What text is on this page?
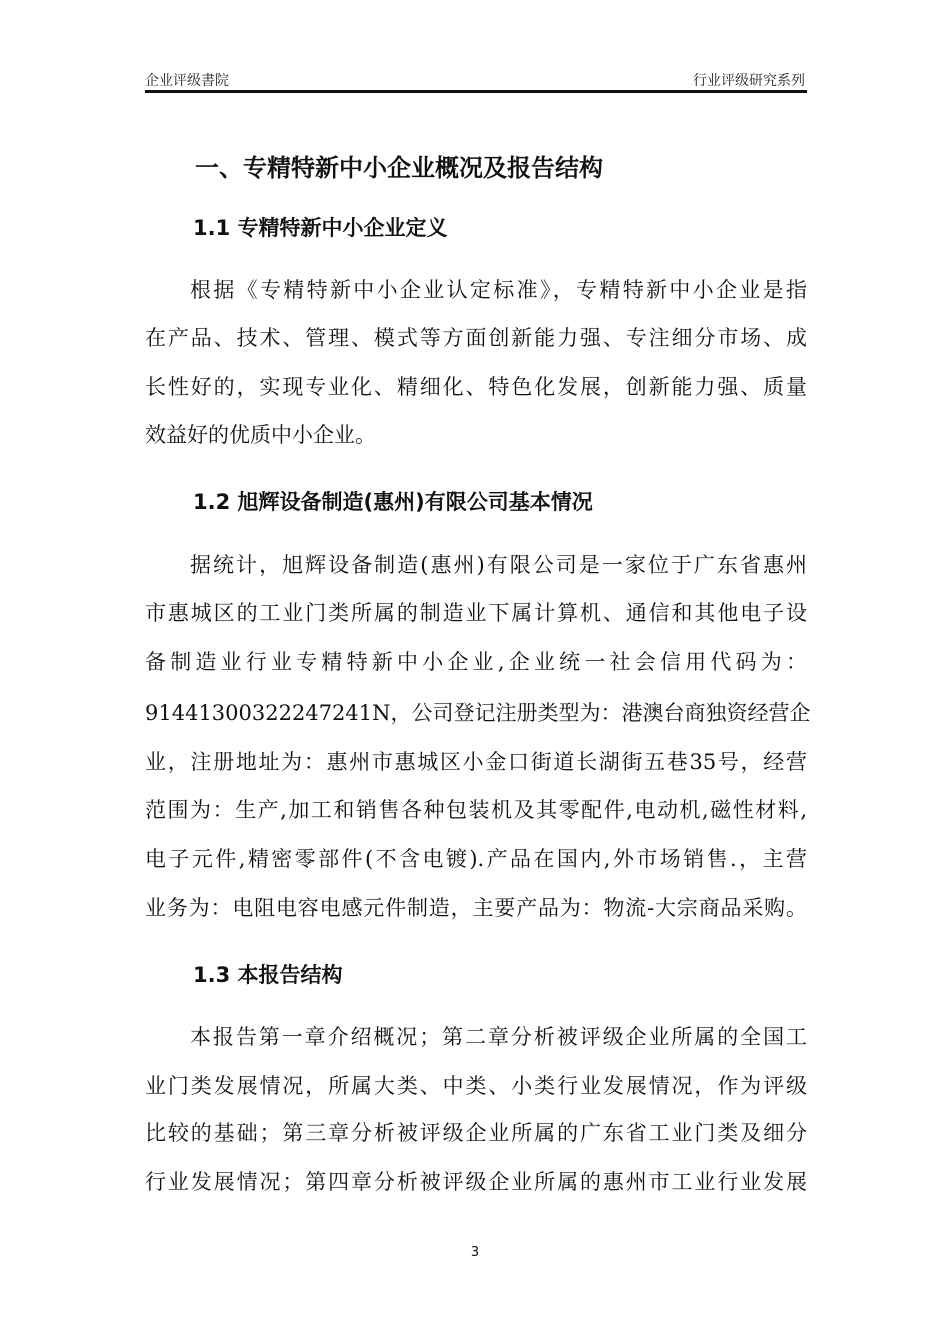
企业评级書院	行业评级研究系列
一、专精特新中小企业概况及报告结构
1.1 专精特新中小企业定义
根据《专精特新中小企业认定标准》，专精特新中小企业是指
在产品、技术、管理、模式等方面创新能力强、专注细分市场、成
长性好的，实现专业化、精细化、特色化发展，创新能力强、质量
效益好的优质中小企业。
1.2 旭辉设备制造(惠州)有限公司基本情况
据统计，旭辉设备制造(惠州)有限公司是一家位于广东省惠州
市惠城区的工业门类所属的制造业下属计算机、通信和其他电子设
备制造业行业专精特新中小企业,企业统一社会信用代码为：
91441300322247241N，公司登记注册类型为：港澳台商独资经营企
业，注册地址为：惠州市惠城区小金口街道长湖街五巷35号，经营
范围为：生产,加工和销售各种包装机及其零配件,电动机,磁性材料,
电子元件,精密零部件(不含电镀).产品在国内,外市场销售.，主营
业务为：电阻电容电感元件制造，主要产品为：物流-大宗商品采购。
1.3 本报告结构
本报告第一章介绍概况；第二章分析被评级企业所属的全国工
业门类发展情况，所属大类、中类、小类行业发展情况，作为评级
比较的基础；第三章分析被评级企业所属的广东省工业门类及细分
行业发展情况；第四章分析被评级企业所属的惠州市工业行业发展
3
